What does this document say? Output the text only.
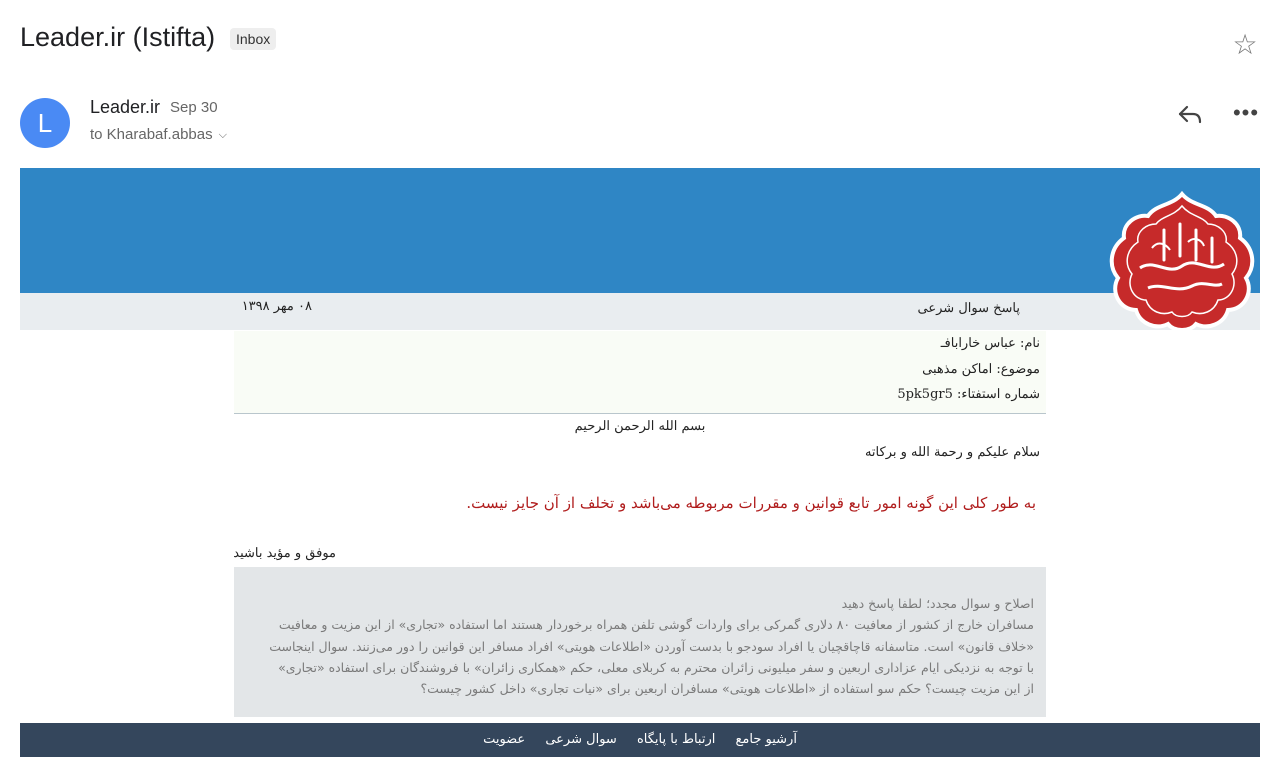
Leader.ir (Istifta)	Inbox	☆
L
Leader.ir Sep 30
to Kharabaf.abbas ⌵
•••
پاسخ سوال شرعی
۰۸ مهر ۱۳۹۸
نام: عباس خارابافـ
موضوع: اماکن مذهبی
شماره استفتاء: 5pk5gr5
بسم الله الرحمن الرحیم
سلام علیکم و رحمة الله و برکاته
به طور کلی این گونه امور تابع قوانین و مقررات مربوطه می‌باشد و تخلف از آن جایز نیست.
موفق و مؤید باشید
اصلاح و سوال مجدد؛ لطفا پاسخ دهید
مسافران خارج از کشور از معافیت ۸۰ دلاری گمرکی برای واردات گوشی تلفن همراه برخوردار هستند اما استفاده «تجاری» از این مزیت و معافیت
«خلاف قانون» است. متاسفانه قاچاقچیان یا افراد سودجو با بدست آوردن «اطلاعات هویتی» افراد مسافر این قوانین را دور می‌زنند. سوال اینجاست
با توجه به نزدیکی ایام عزاداری اربعین و سفر میلیونی زائران محترم به کربلای معلی، حکم «همکاری زائران» با فروشندگان برای استفاده «تجاری»
از این مزیت چیست؟ حکم سو استفاده از «اطلاعات هویتی» مسافران اربعین برای «نیات تجاری» داخل کشور چیست؟
آرشیو جامع ارتباط با پایگاه سوال شرعی عضویت
